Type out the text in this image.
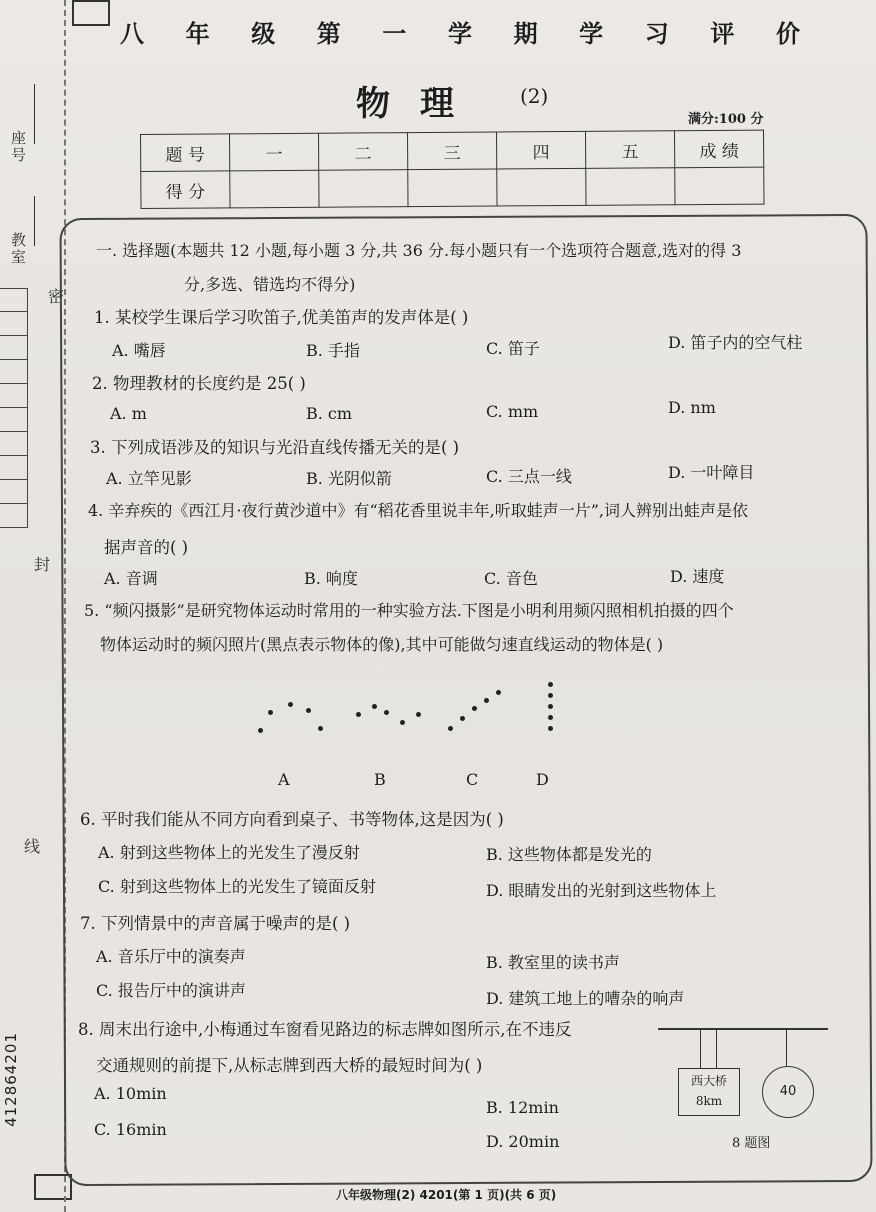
座号
教室
密
封
线
412864201
八 年 级 第 一 学 期 学 习 评 价
物理 (2)
满分:100 分
题 号	一	二	三	四	五	成 绩
得 分						
一. 选择题(本题共 12 小题,每小题 3 分,共 36 分.每小题只有一个选项符合题意,选对的得 3
分,多选、错选均不得分)
1. 某校学生课后学习吹笛子,优美笛声的发声体是( )
A. 嘴唇	B. 手指	C. 笛子	D. 笛子内的空气柱
2. 物理教材的长度约是 25( )
A. m	B. cm	C. mm	D. nm
3. 下列成语涉及的知识与光沿直线传播无关的是( )
A. 立竿见影	B. 光阴似箭	C. 三点一线	D. 一叶障目
4. 辛弃疾的《西江月·夜行黄沙道中》有“稻花香里说丰年,听取蛙声一片”,词人辨别出蛙声是依
据声音的( )
A. 音调	B. 响度	C. 音色	D. 速度
5. “频闪摄影”是研究物体运动时常用的一种实验方法.下图是小明利用频闪照相机拍摄的四个
物体运动时的频闪照片(黑点表示物体的像),其中可能做匀速直线运动的物体是( )
A	B	C	D
6. 平时我们能从不同方向看到桌子、书等物体,这是因为( )
A. 射到这些物体上的光发生了漫反射	B. 这些物体都是发光的
C. 射到这些物体上的光发生了镜面反射	D. 眼睛发出的光射到这些物体上
7. 下列情景中的声音属于噪声的是( )
A. 音乐厅中的演奏声	B. 教室里的读书声
C. 报告厅中的演讲声	D. 建筑工地上的嘈杂的响声
8. 周末出行途中,小梅通过车窗看见路边的标志牌如图所示,在不违反
交通规则的前提下,从标志牌到西大桥的最短时间为( )
A. 10min
B. 12min
C. 16min
D. 20min
西大桥
8km
40
8 题图
八年级物理(2) 4201(第 1 页)(共 6 页)
